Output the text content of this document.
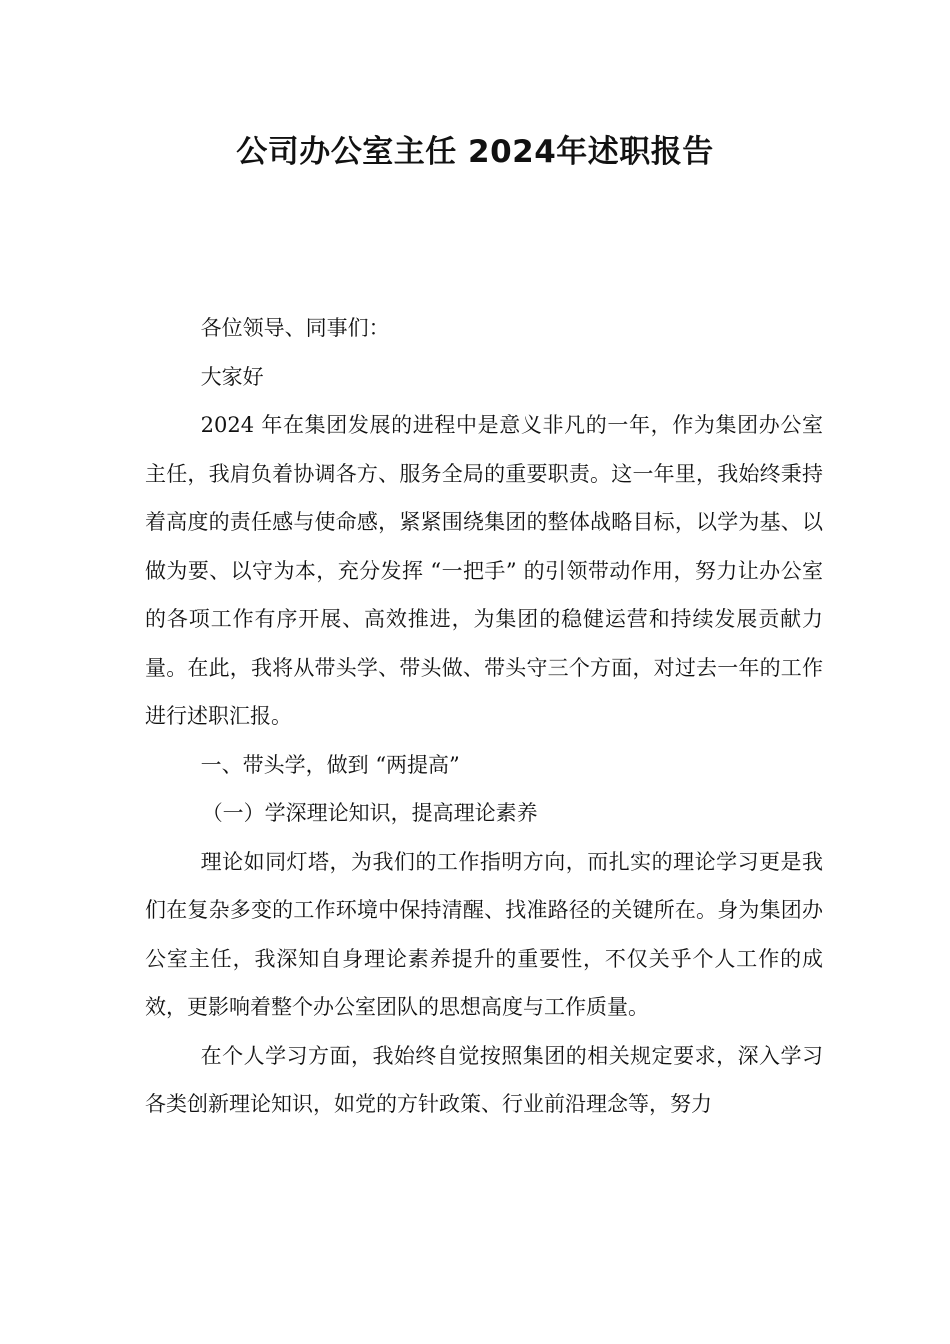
公司办公室主任 2024年述职报告

各位领导、同事们：

大家好

2024 年在集团发展的进程中是意义非凡的一年，作为集团办公室主任，我肩负着协调各方、服务全局的重要职责。这一年里，我始终秉持着高度的责任感与使命感，紧紧围绕集团的整体战略目标，以学为基、以做为要、以守为本，充分发挥 “一把手” 的引领带动作用，努力让办公室的各项工作有序开展、高效推进，为集团的稳健运营和持续发展贡献力量。在此，我将从带头学、带头做、带头守三个方面，对过去一年的工作进行述职汇报。

一、带头学，做到 “两提高”

（一）学深理论知识，提高理论素养

理论如同灯塔，为我们的工作指明方向，而扎实的理论学习更是我们在复杂多变的工作环境中保持清醒、找准路径的关键所在。身为集团办公室主任，我深知自身理论素养提升的重要性，不仅关乎个人工作的成效，更影响着整个办公室团队的思想高度与工作质量。

在个人学习方面，我始终自觉按照集团的相关规定要求，深入学习各类创新理论知识，如党的方针政策、行业前沿理念等，努力
